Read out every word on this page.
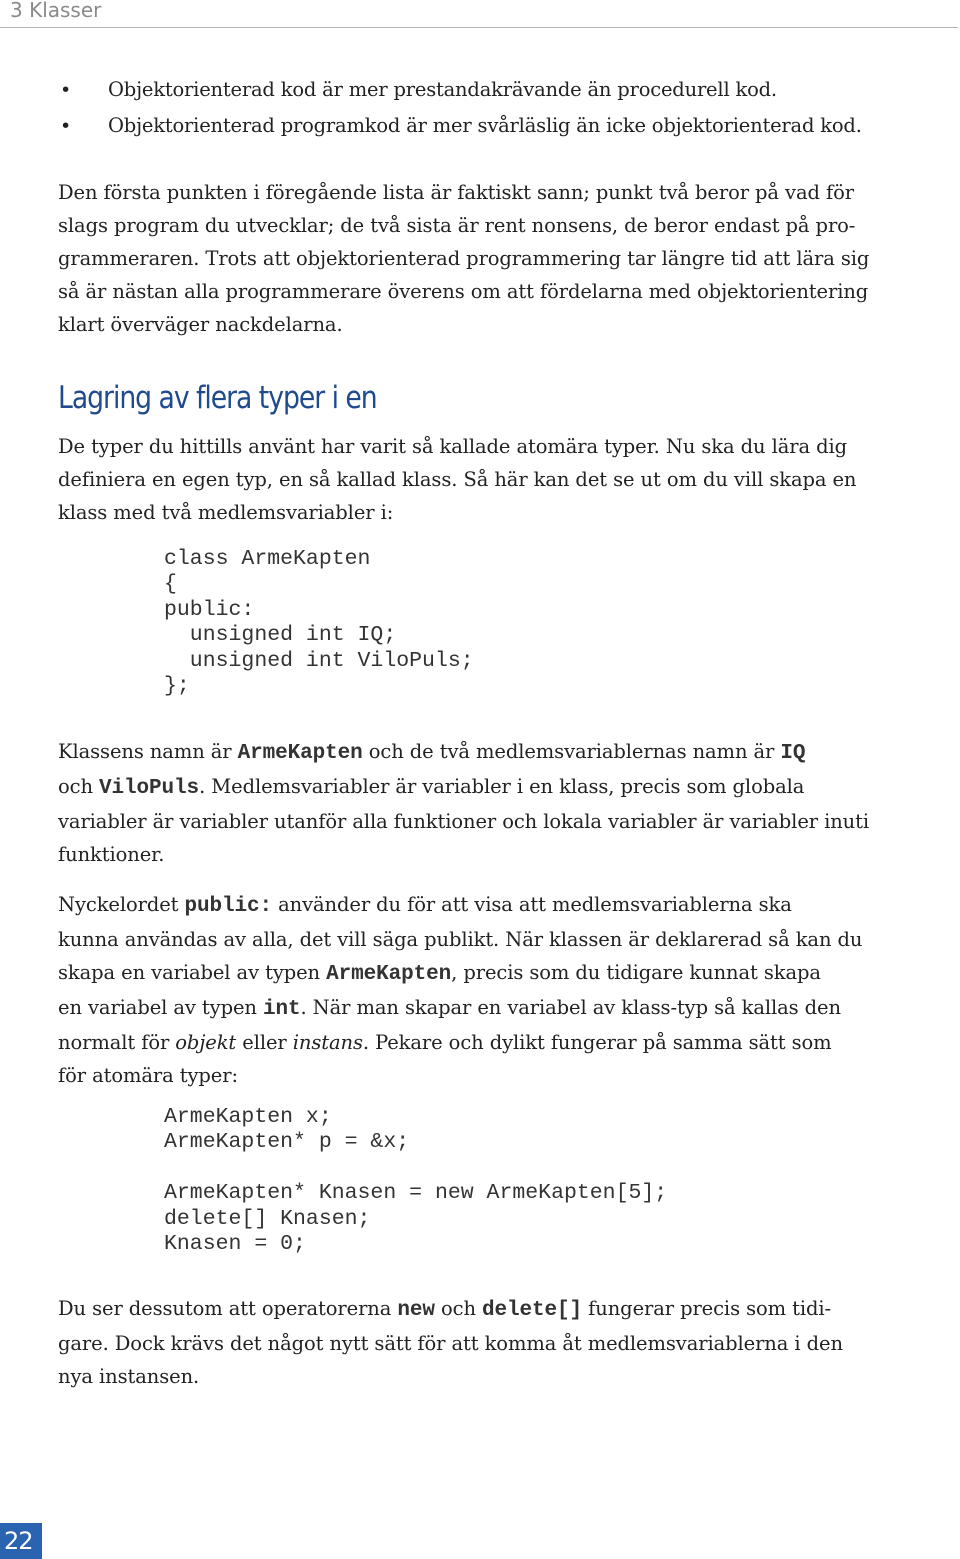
3 Klasser
• Objektorienterad kod är mer prestandakrävande än procedurell kod.
• Objektorienterad programkod är mer svårläslig än icke objektorienterad kod.

Den första punkten i föregående lista är faktiskt sann; punkt två beror på vad för
slags program du utvecklar; de två sista är rent nonsens, de beror endast på pro-
grammeraren. Trots att objektorienterad programmering tar längre tid att lära sig
så är nästan alla programmerare överens om att fördelarna med objektorientering
klart överväger nackdelarna.

Lagring av flera typer i en

De typer du hittills använt har varit så kallade atomära typer. Nu ska du lära dig
definiera en egen typ, en så kallad klass. Så här kan det se ut om du vill skapa en
klass med två medlemsvariabler i:

class ArmeKapten
{
public:
unsigned int IQ;
unsigned int ViloPuls;
};

Klassens namn är ArmeKapten och de två medlemsvariablernas namn är IQ
och ViloPuls. Medlemsvariabler är variabler i en klass, precis som globala
variabler är variabler utanför alla funktioner och lokala variabler är variabler inuti
funktioner.

Nyckelordet public: använder du för att visa att medlemsvariablerna ska
kunna användas av alla, det vill säga publikt. När klassen är deklarerad så kan du
skapa en variabel av typen ArmeKapten, precis som du tidigare kunnat skapa
en variabel av typen int. När man skapar en variabel av klass-typ så kallas den
normalt för objekt eller instans. Pekare och dylikt fungerar på samma sätt som
för atomära typer:

ArmeKapten x;
ArmeKapten* p = &x;
ArmeKapten* Knasen = new ArmeKapten[5];
delete[] Knasen;
Knasen = 0;

Du ser dessutom att operatorerna new och delete[] fungerar precis som tidi-
gare. Dock krävs det något nytt sätt för att komma åt medlemsvariablerna i den
nya instansen.

22
